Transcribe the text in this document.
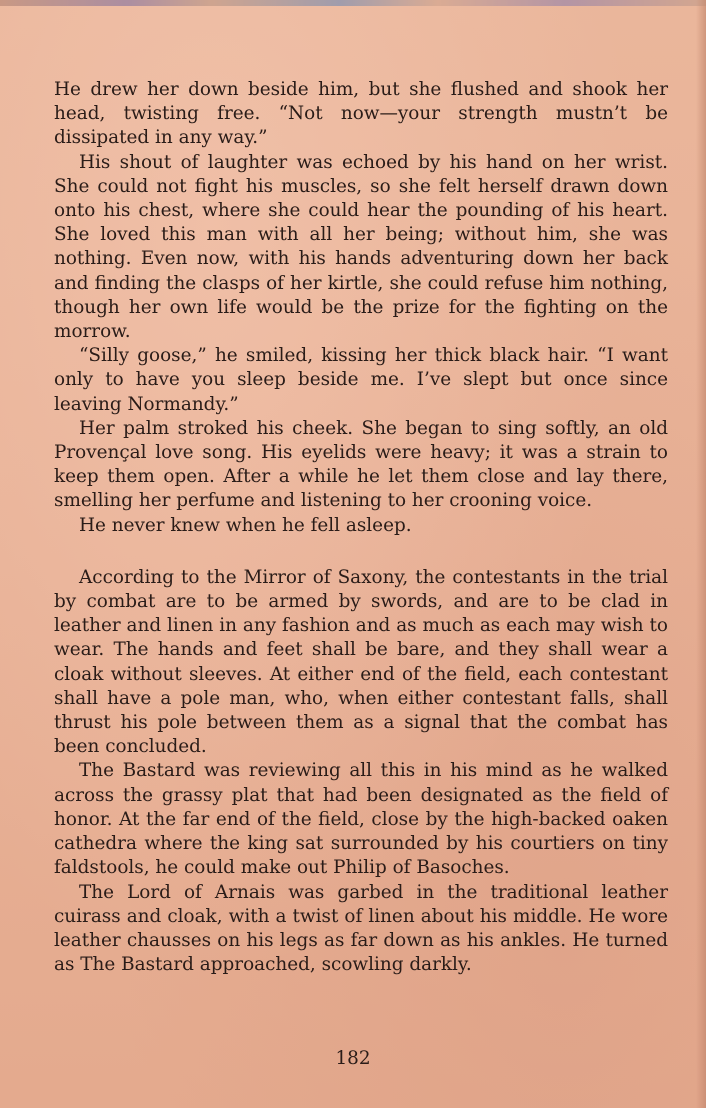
He drew her down beside him, but she flushed and shook her head, twisting free. “Not now—your strength mustn’t be dissipated in any way.”

His shout of laughter was echoed by his hand on her wrist. She could not fight his muscles, so she felt herself drawn down onto his chest, where she could hear the pounding of his heart. She loved this man with all her being; without him, she was nothing. Even now, with his hands adventuring down her back and finding the clasps of her kirtle, she could refuse him nothing, though her own life would be the prize for the fighting on the morrow.

“Silly goose,” he smiled, kissing her thick black hair. “I want only to have you sleep beside me. I’ve slept but once since leaving Normandy.”

Her palm stroked his cheek. She began to sing softly, an old Provençal love song. His eyelids were heavy; it was a strain to keep them open. After a while he let them close and lay there, smelling her perfume and listening to her crooning voice.

He never knew when he fell asleep.

According to the Mirror of Saxony, the contestants in the trial by combat are to be armed by swords, and are to be clad in leather and linen in any fashion and as much as each may wish to wear. The hands and feet shall be bare, and they shall wear a cloak without sleeves. At either end of the field, each contestant shall have a pole man, who, when either contestant falls, shall thrust his pole between them as a signal that the combat has been concluded.

The Bastard was reviewing all this in his mind as he walked across the grassy plat that had been designated as the field of honor. At the far end of the field, close by the high-backed oaken cathedra where the king sat surrounded by his courtiers on tiny faldstools, he could make out Philip of Basoches.

The Lord of Arnais was garbed in the traditional leather cuirass and cloak, with a twist of linen about his middle. He wore leather chausses on his legs as far down as his ankles. He turned as The Bastard approached, scowling darkly.

182
